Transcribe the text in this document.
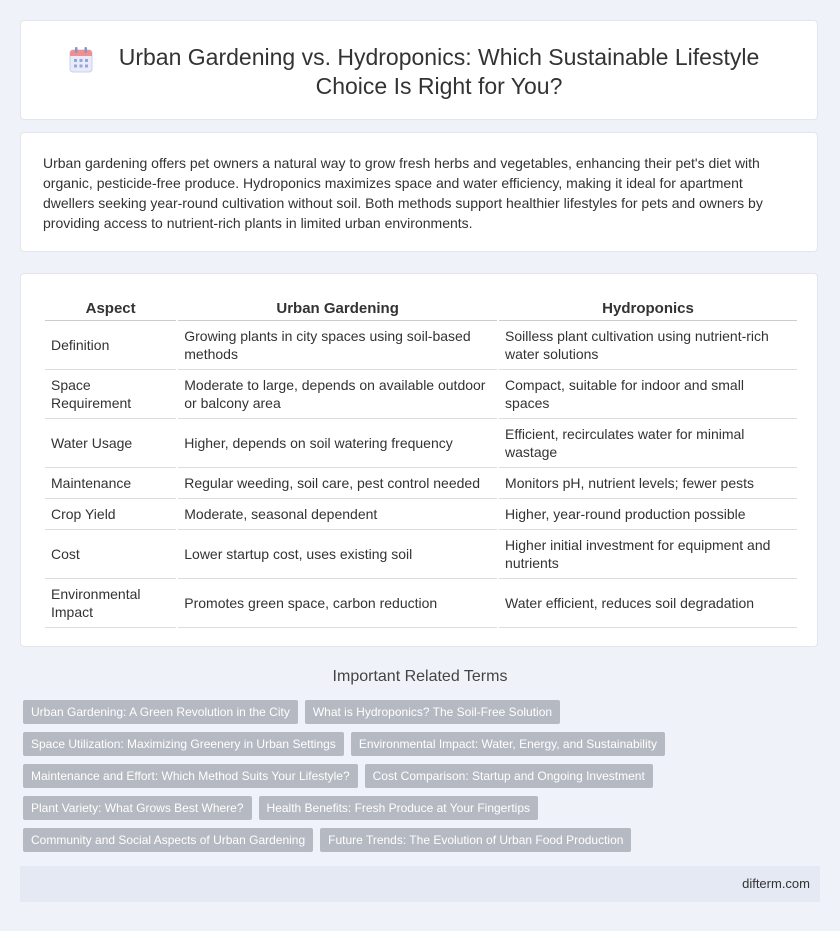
Urban Gardening vs. Hydroponics: Which Sustainable Lifestyle Choice Is Right for You?
Urban gardening offers pet owners a natural way to grow fresh herbs and vegetables, enhancing their pet's diet with organic, pesticide-free produce. Hydroponics maximizes space and water efficiency, making it ideal for apartment dwellers seeking year-round cultivation without soil. Both methods support healthier lifestyles for pets and owners by providing access to nutrient-rich plants in limited urban environments.
Aspect	Urban Gardening	Hydroponics
Definition	Growing plants in city spaces using soil-based methods	Soilless plant cultivation using nutrient-rich water solutions
Space Requirement	Moderate to large, depends on available outdoor or balcony area	Compact, suitable for indoor and small spaces
Water Usage	Higher, depends on soil watering frequency	Efficient, recirculates water for minimal wastage
Maintenance	Regular weeding, soil care, pest control needed	Monitors pH, nutrient levels; fewer pests
Crop Yield	Moderate, seasonal dependent	Higher, year-round production possible
Cost	Lower startup cost, uses existing soil	Higher initial investment for equipment and nutrients
Environmental Impact	Promotes green space, carbon reduction	Water efficient, reduces soil degradation
Important Related Terms
Urban Gardening: A Green Revolution in the City	What is Hydroponics? The Soil-Free Solution
Space Utilization: Maximizing Greenery in Urban Settings	Environmental Impact: Water, Energy, and Sustainability
Maintenance and Effort: Which Method Suits Your Lifestyle?	Cost Comparison: Startup and Ongoing Investment
Plant Variety: What Grows Best Where?	Health Benefits: Fresh Produce at Your Fingertips
Community and Social Aspects of Urban Gardening	Future Trends: The Evolution of Urban Food Production
difterm.com
